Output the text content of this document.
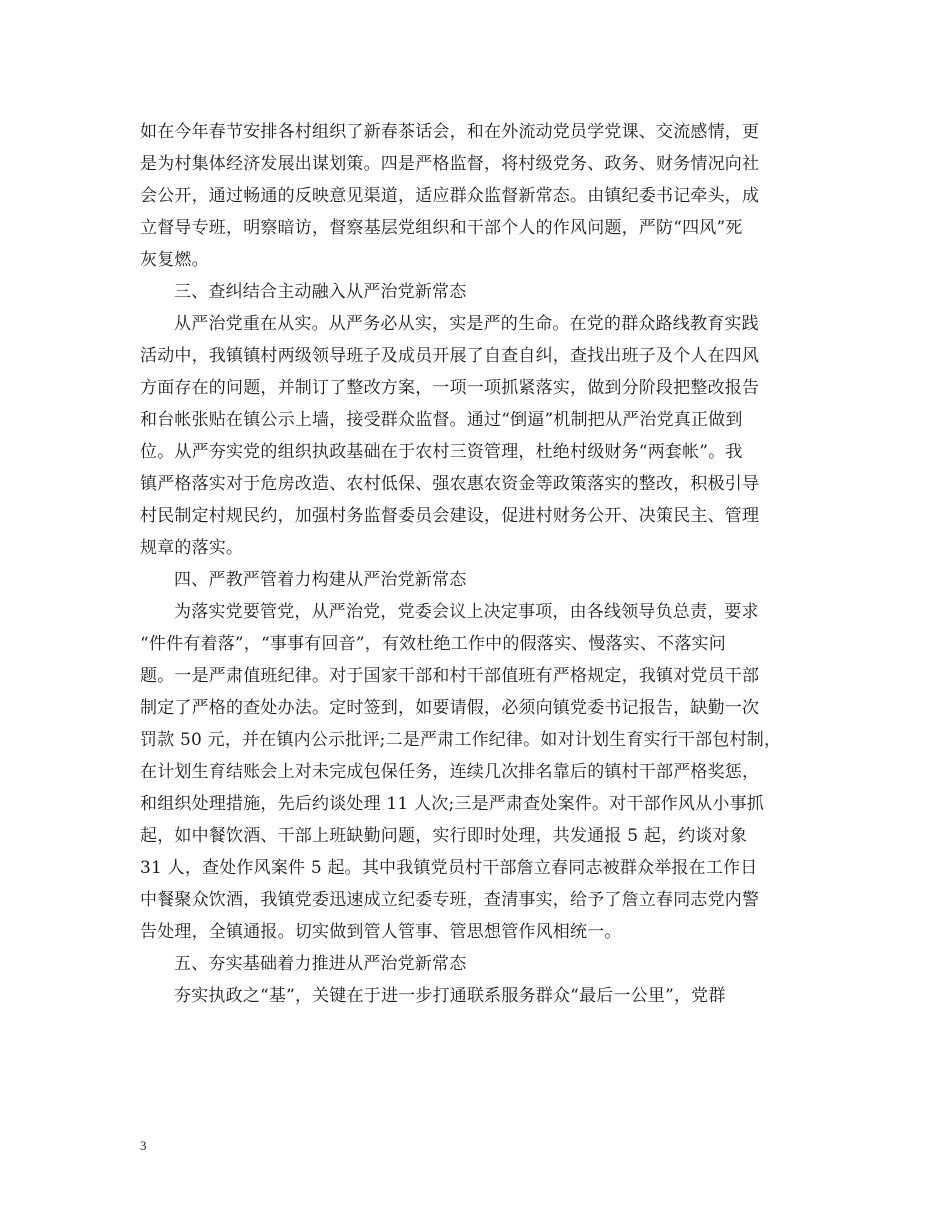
如在今年春节安排各村组织了新春茶话会，和在外流动党员学党课、交流感情，更
是为村集体经济发展出谋划策。四是严格监督，将村级党务、政务、财务情况向社
会公开，通过畅通的反映意见渠道，适应群众监督新常态。由镇纪委书记牵头，成
立督导专班，明察暗访，督察基层党组织和干部个人的作风问题，严防“四风”死
灰复燃。
三、查纠结合主动融入从严治党新常态
从严治党重在从实。从严务必从实，实是严的生命。在党的群众路线教育实践
活动中，我镇镇村两级领导班子及成员开展了自查自纠，查找出班子及个人在四风
方面存在的问题，并制订了整改方案，一项一项抓紧落实，做到分阶段把整改报告
和台帐张贴在镇公示上墙，接受群众监督。通过“倒逼”机制把从严治党真正做到
位。从严夯实党的组织执政基础在于农村三资管理，杜绝村级财务“两套帐”。我
镇严格落实对于危房改造、农村低保、强农惠农资金等政策落实的整改，积极引导
村民制定村规民约，加强村务监督委员会建设，促进村财务公开、决策民主、管理
规章的落实。
四、严教严管着力构建从严治党新常态
为落实党要管党，从严治党，党委会议上决定事项，由各线领导负总责，要求
“件件有着落”，“事事有回音”，有效杜绝工作中的假落实、慢落实、不落实问
题。一是严肃值班纪律。对于国家干部和村干部值班有严格规定，我镇对党员干部
制定了严格的查处办法。定时签到，如要请假，必须向镇党委书记报告，缺勤一次
罚款 50 元，并在镇内公示批评;二是严肃工作纪律。如对计划生育实行干部包村制，
在计划生育结账会上对未完成包保任务，连续几次排名靠后的镇村干部严格奖惩，
和组织处理措施，先后约谈处理 11 人次;三是严肃查处案件。对干部作风从小事抓
起，如中餐饮酒、干部上班缺勤问题，实行即时处理，共发通报 5 起，约谈对象
31 人，查处作风案件 5 起。其中我镇党员村干部詹立春同志被群众举报在工作日
中餐聚众饮酒，我镇党委迅速成立纪委专班，查清事实，给予了詹立春同志党内警
告处理，全镇通报。切实做到管人管事、管思想管作风相统一。
五、夯实基础着力推进从严治党新常态
夯实执政之“基”，关键在于进一步打通联系服务群众“最后一公里”，党群
3
